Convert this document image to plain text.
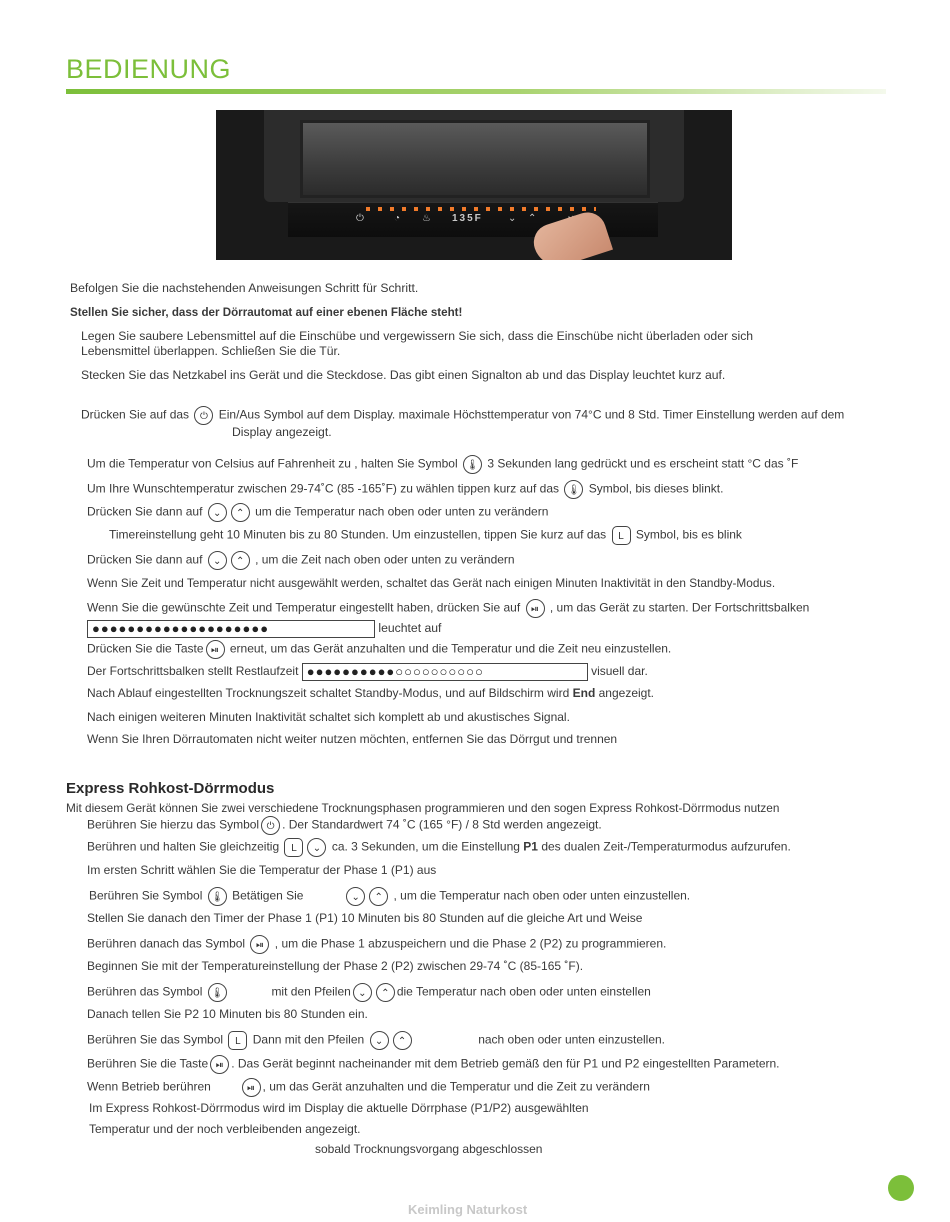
BEDIENUNG
⏻	◔ ♨ 135F	⌄ ⌃
Befolgen Sie die nachstehenden Anweisungen Schritt für Schritt.
Stellen Sie sicher, dass der Dörrautomat auf einer ebenen Fläche steht!
Legen Sie saubere Lebensmittel auf die Einschübe und vergewissern Sie sich, dass die Einschübe nicht überladen oder sich
Lebensmittel überlappen. Schließen Sie die Tür.
Stecken Sie das Netzkabel ins Gerät und die Steckdose. Das gibt einen Signalton ab und das Display leuchtet kurz auf.
Drücken Sie auf das ⏻ Ein/Aus Symbol auf dem Display. maximale Höchsttemperatur von 74°C und 8 Std. Timer Einstellung werden auf dem
Display angezeigt.
Um die Temperatur von Celsius auf Fahrenheit zu , halten Sie Symbol 🌡 3 Sekunden lang gedrückt und es erscheint statt °C das ˚F
Um Ihre Wunschtemperatur zwischen 29-74˚C (85 -165˚F) zu wählen tippen kurz auf das 🌡 Symbol, bis dieses blinkt.
Drücken Sie dann auf ⌄ ⌃ um die Temperatur nach oben oder unten zu verändern
Timereinstellung geht 10 Minuten bis zu 80 Stunden. Um einzustellen, tippen Sie kurz auf das L Symbol, bis es blink
Drücken Sie dann auf ⌄ ⌃ , um die Zeit nach oben oder unten zu verändern
Wenn Sie Zeit und Temperatur nicht ausgewählt werden, schaltet das Gerät nach einigen Minuten Inaktivität in den Standby-Modus.
Wenn Sie die gewünschte Zeit und Temperatur eingestellt haben, drücken Sie auf ⏯ , um das Gerät zu starten. Der Fortschrittsbalken
●●●●●●●●●●●●●●●●●●●●	leuchtet auf
Drücken Sie die Taste ⏯ erneut, um das Gerät anzuhalten und die Temperatur und die Zeit neu einzustellen.
Der Fortschrittsbalken stellt Restlaufzeit ●●●●●●●●●●○○○○○○○○○○	visuell dar.
Nach Ablauf eingestellten Trocknungszeit schaltet Standby-Modus, und auf Bildschirm wird End angezeigt.
Nach einigen weiteren Minuten Inaktivität schaltet sich komplett ab und akustisches Signal.
Wenn Sie Ihren Dörrautomaten nicht weiter nutzen möchten, entfernen Sie das Dörrgut und trennen
Express Rohkost-Dörrmodus
Mit diesem Gerät können Sie zwei verschiedene Trocknungsphasen programmieren und den sogen Express Rohkost-Dörrmodus nutzen
Berühren Sie hierzu das Symbol ⏻ . Der Standardwert 74 ˚C (165 °F) / 8 Std werden angezeigt.
Berühren und halten Sie gleichzeitig L ⌄ ca. 3 Sekunden, um die Einstellung P1 des dualen Zeit-/Temperaturmodus aufzurufen.
Im ersten Schritt wählen Sie die Temperatur der Phase 1 (P1) aus
Berühren Sie Symbol 🌡 Betätigen Sie	⌄ ⌃ , um die Temperatur nach oben oder unten einzustellen.
Stellen Sie danach den Timer der Phase 1 (P1) 10 Minuten bis 80 Stunden auf die gleiche Art und Weise
Berühren danach das Symbol ⏯ , um die Phase 1 abzuspeichern und die Phase 2 (P2) zu programmieren.
Beginnen Sie mit der Temperatureinstellung der Phase 2 (P2) zwischen 29-74 ˚C (85-165 ˚F).
Berühren das Symbol 🌡	mit den Pfeilen ⌄ ⌃ die Temperatur nach oben oder unten einstellen
Danach tellen Sie P2 10 Minuten bis 80 Stunden ein.
Berühren Sie das Symbol L Dann mit den Pfeilen ⌄ ⌃	nach oben oder unten einzustellen.
Berühren Sie die Taste ⏯ . Das Gerät beginnt nacheinander mit dem Betrieb gemäß den für P1 und P2 eingestellten Parametern.
Wenn Betrieb berühren	⏯ , um das Gerät anzuhalten und die Temperatur und die Zeit zu verändern
Im Express Rohkost-Dörrmodus wird im Display die aktuelle Dörrphase (P1/P2) ausgewählten
Temperatur und der noch verbleibenden angezeigt.
sobald Trocknungsvorgang abgeschlossen
Keimling Naturkost
